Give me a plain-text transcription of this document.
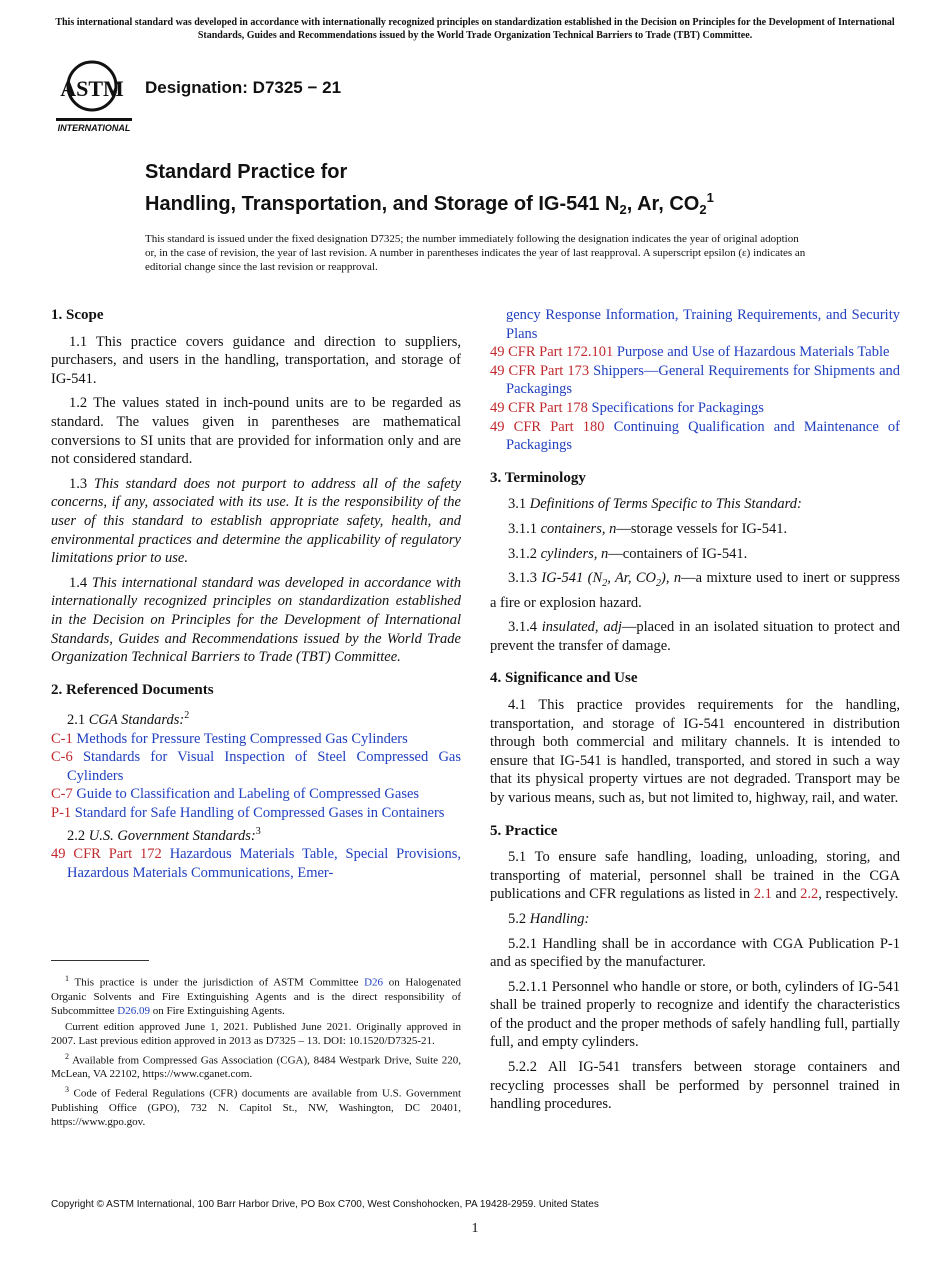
This international standard was developed in accordance with internationally recognized principles on standardization established in the Decision on Principles for the Development of International Standards, Guides and Recommendations issued by the World Trade Organization Technical Barriers to Trade (TBT) Committee.
ASTM
INTERNATIONAL
Designation: D7325 − 21
Standard Practice for
Handling, Transportation, and Storage of IG-541 $N_2$, Ar, $CO_2^1$
This standard is issued under the fixed designation D7325; the number immediately following the designation indicates the year of original adoption or, in the case of revision, the year of last revision. A number in parentheses indicates the year of last reapproval. A superscript epsilon (ε) indicates an editorial change since the last revision or reapproval.
1. Scope

1.1 This practice covers guidance and direction to suppliers, purchasers, and users in the handling, transportation, and storage of IG-541.

1.2 The values stated in inch-pound units are to be regarded as standard. The values given in parentheses are mathematical conversions to SI units that are provided for information only and are not considered standard.

1.3 This standard does not purport to address all of the safety concerns, if any, associated with its use. It is the responsibility of the user of this standard to establish appropriate safety, health, and environmental practices and determine the applicability of regulatory limitations prior to use.

1.4 This international standard was developed in accordance with internationally recognized principles on standardization established in the Decision on Principles for the Development of International Standards, Guides and Recommendations issued by the World Trade Organization Technical Barriers to Trade (TBT) Committee.

2. Referenced Documents

2.1 CGA Standards:$^2$

C-1 Methods for Pressure Testing Compressed Gas Cylinders
C-6 Standards for Visual Inspection of Steel Compressed Gas Cylinders
C-7 Guide to Classification and Labeling of Compressed Gases
P-1 Standard for Safe Handling of Compressed Gases in Containers

2.2 U.S. Government Standards:$^3$

49 CFR Part 172 Hazardous Materials Table, Special Provisions, Hazardous Materials Communications, Emer-
gency Response Information, Training Requirements, and Security Plans
49 CFR Part 172.101 Purpose and Use of Hazardous Materials Table
49 CFR Part 173 Shippers—General Requirements for Shipments and Packagings
49 CFR Part 178 Specifications for Packagings
49 CFR Part 180 Continuing Qualification and Maintenance of Packagings
3. Terminology

3.1 Definitions of Terms Specific to This Standard:

3.1.1 containers, n—storage vessels for IG-541.

3.1.2 cylinders, n—containers of IG-541.

3.1.3 IG-541 ($N_2$, Ar, $CO_2$), n—a mixture used to inert or suppress a fire or explosion hazard.

3.1.4 insulated, adj—placed in an isolated situation to protect and prevent the transfer of damage.

4. Significance and Use

4.1 This practice provides requirements for the handling, transportation, and storage of IG-541 encountered in distribution through both commercial and military channels. It is intended to ensure that IG-541 is handled, transported, and stored in such a way that its physical property virtues are not degraded. Transport may be by various means, such as, but not limited to, highway, rail, and water.

5. Practice

5.1 To ensure safe handling, loading, unloading, storing, and transporting of material, personnel shall be trained in the CGA publications and CFR regulations as listed in 2.1 and 2.2, respectively.

5.2 Handling:

5.2.1 Handling shall be in accordance with CGA Publication P-1 and as specified by the manufacturer.

5.2.1.1 Personnel who handle or store, or both, cylinders of IG-541 shall be trained properly to recognize and identify the characteristics of the product and the proper methods of safely handling full, partially full, and empty cylinders.

5.2.2 All IG-541 transfers between storage containers and recycling processes shall be performed by personnel trained in handling procedures.

$^1$ This practice is under the jurisdiction of ASTM Committee D26 on Halogenated Organic Solvents and Fire Extinguishing Agents and is the direct responsibility of Subcommittee D26.09 on Fire Extinguishing Agents.

Current edition approved June 1, 2021. Published June 2021. Originally approved in 2007. Last previous edition approved in 2013 as D7325 – 13. DOI: 10.1520/D7325-21.

$^2$ Available from Compressed Gas Association (CGA), 8484 Westpark Drive, Suite 220, McLean, VA 22102, https://www.cganet.com.

$^3$ Code of Federal Regulations (CFR) documents are available from U.S. Government Publishing Office (GPO), 732 N. Capitol St., NW, Washington, DC 20401, https://www.gpo.gov.

Copyright © ASTM International, 100 Barr Harbor Drive, PO Box C700, West Conshohocken, PA 19428-2959. United States
1
